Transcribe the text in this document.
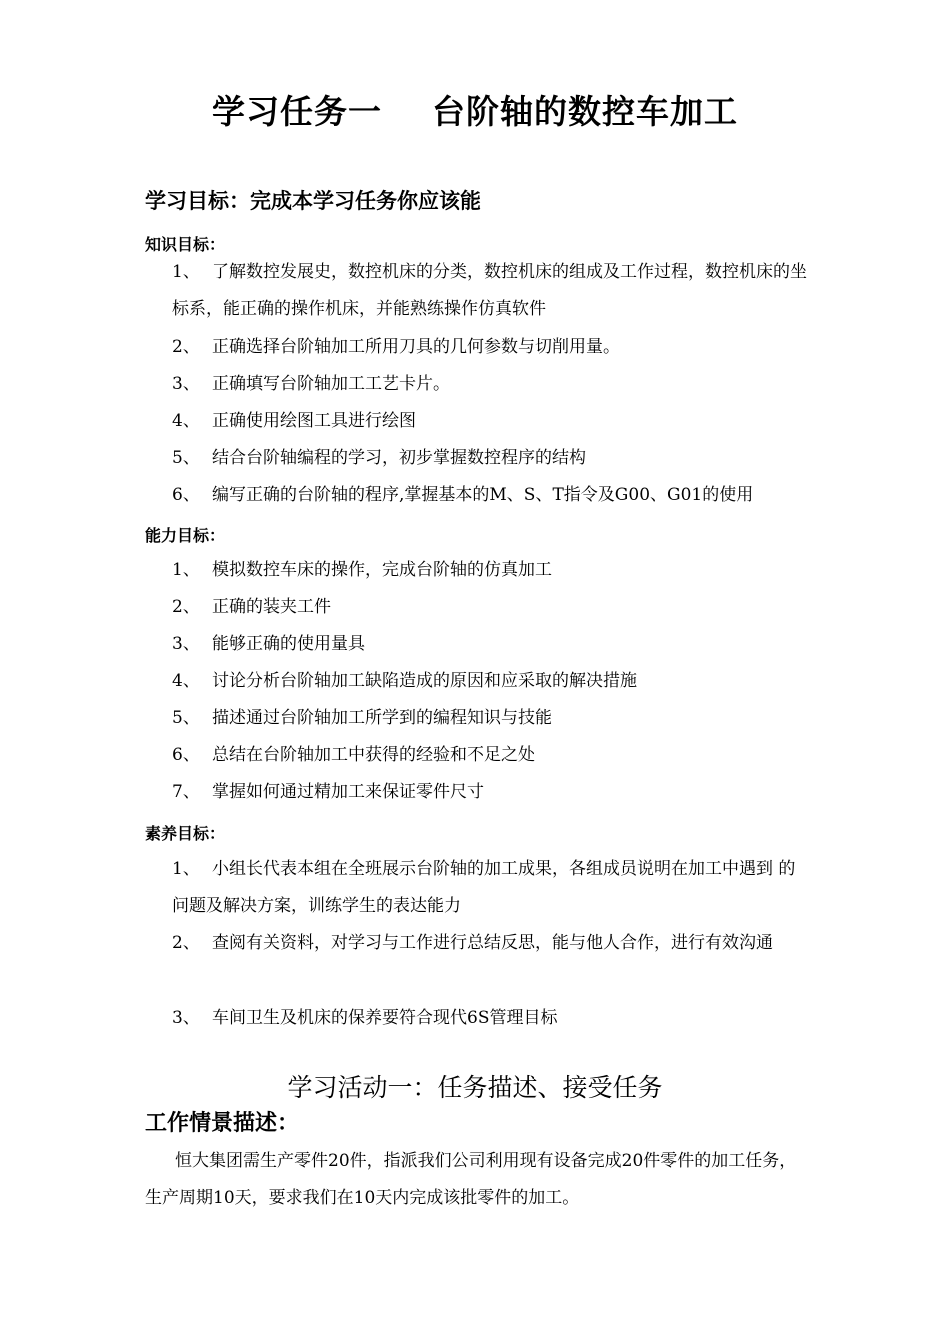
学习任务一    台阶轴的数控车加工
学习目标：完成本学习任务你应该能
知识目标：
1、 了解数控发展史，数控机床的分类，数控机床的组成及工作过程，数控机床的坐标系，能正确的操作机床，并能熟练操作仿真软件
2、 正确选择台阶轴加工所用刀具的几何参数与切削用量。
3、 正确填写台阶轴加工工艺卡片。
4、 正确使用绘图工具进行绘图
5、 结合台阶轴编程的学习，初步掌握数控程序的结构
6、 编写正确的台阶轴的程序,掌握基本的M、S、T指令及G00、G01的使用
能力目标：
1、 模拟数控车床的操作，完成台阶轴的仿真加工
2、 正确的装夹工件
3、 能够正确的使用量具
4、 讨论分析台阶轴加工缺陷造成的原因和应采取的解决措施
5、 描述通过台阶轴加工所学到的编程知识与技能
6、 总结在台阶轴加工中获得的经验和不足之处
7、 掌握如何通过精加工来保证零件尺寸
素养目标：
1、 小组长代表本组在全班展示台阶轴的加工成果，各组成员说明在加工中遇到 的问题及解决方案，训练学生的表达能力
2、 查阅有关资料，对学习与工作进行总结反思，能与他人合作，进行有效沟通
3、 车间卫生及机床的保养要符合现代6S管理目标
学习活动一：任务描述、接受任务
工作情景描述：
恒大集团需生产零件20件，指派我们公司利用现有设备完成20件零件的加工任务，生产周期10天，要求我们在10天内完成该批零件的加工。
